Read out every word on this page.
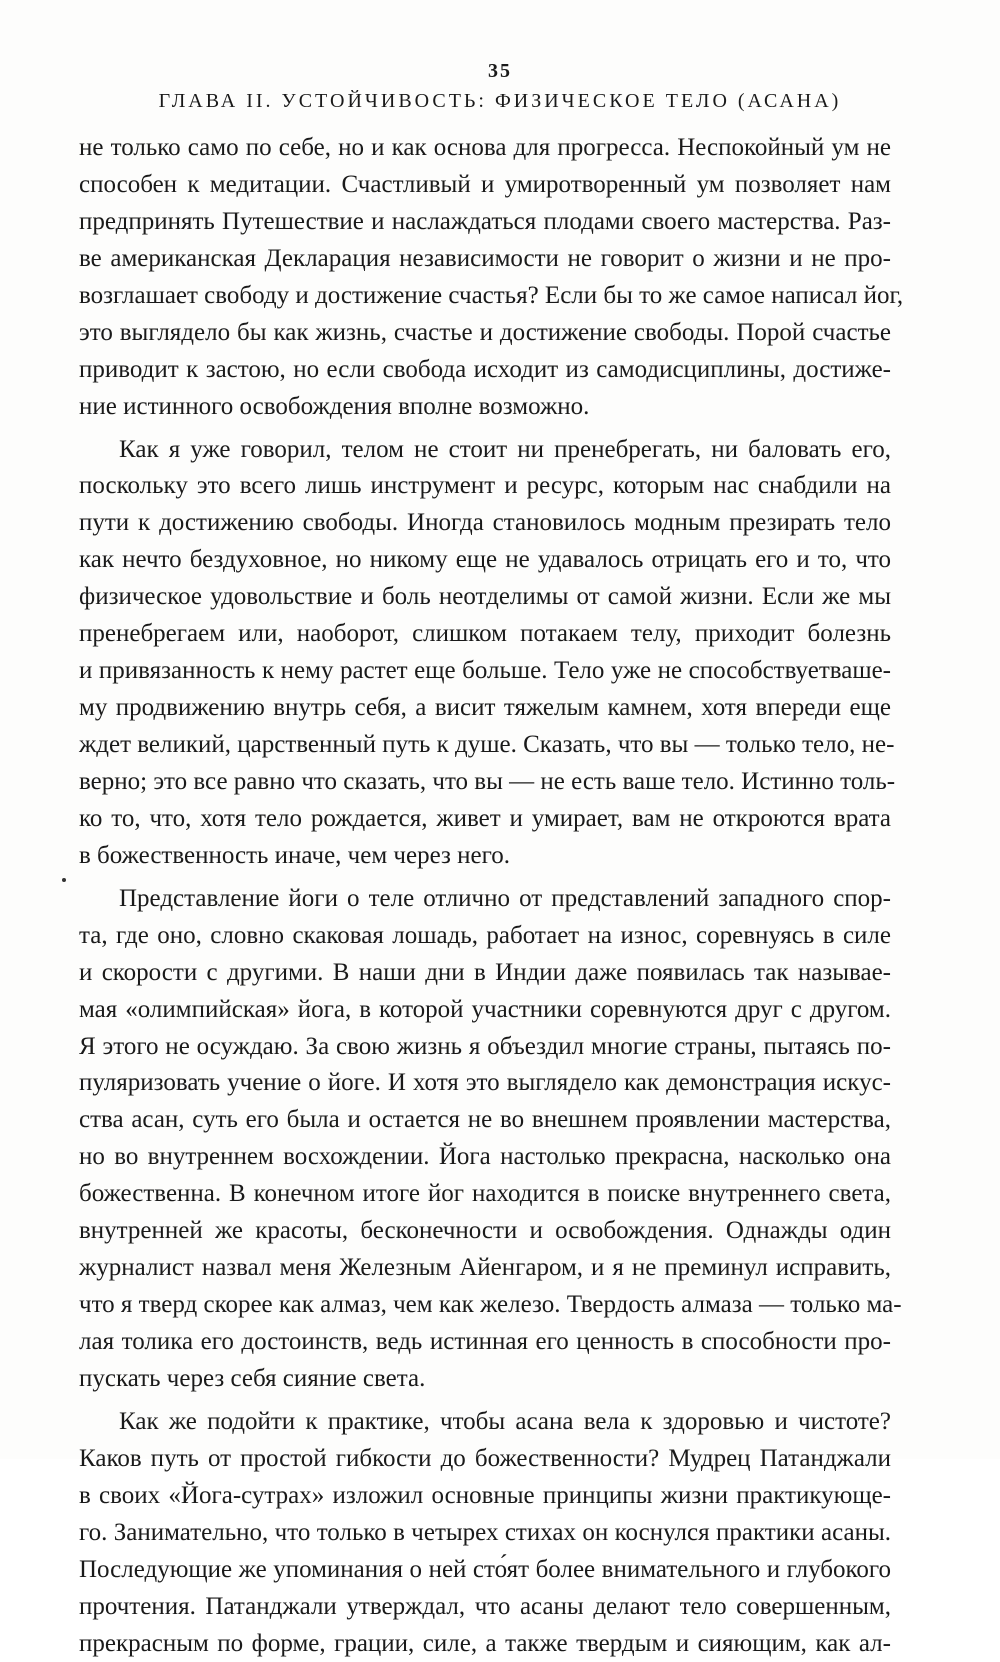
35
ГЛАВА II. УСТОЙЧИВОСТЬ: ФИЗИЧЕСКОЕ ТЕЛО (АСАНА)
не только само по себе, но и как основа для прогресса. Неспокойный ум не
способен к медитации. Счастливый и умиротворенный ум позволяет нам
предпринять Путешествие и наслаждаться плодами своего мастерства. Раз-
ве американская Декларация независимости не говорит о жизни и не про-
возглашает свободу и достижение счастья? Если бы то же самое написал йог,
это выглядело бы как жизнь, счастье и достижение свободы. Порой счастье
приводит к застою, но если свобода исходит из самодисциплины, достиже-
ние истинного освобождения вполне возможно.
Как я уже говорил, телом не стоит ни пренебрегать, ни баловать его,
поскольку это всего лишь инструмент и ресурс, которым нас снабдили на
пути к достижению свободы. Иногда становилось модным презирать тело
как нечто бездуховное, но никому еще не удавалось отрицать его и то, что
физическое удовольствие и боль неотделимы от самой жизни. Если же мы
пренебрегаем или, наоборот, слишком потакаем телу, приходит болезнь
и привязанность к нему растет еще больше. Тело уже не способствуетваше-
му продвижению внутрь себя, а висит тяжелым камнем, хотя впереди еще
ждет великий, царственный путь к душе. Сказать, что вы — только тело, не-
верно; это все равно что сказать, что вы — не есть ваше тело. Истинно толь-
ко то, что, хотя тело рождается, живет и умирает, вам не откроются врата
в божественность иначе, чем через него.
Представление йоги о теле отлично от представлений западного спор-
та, где оно, словно скаковая лошадь, работает на износ, соревнуясь в силе
и скорости с другими. В наши дни в Индии даже появилась так называе-
мая «олимпийская» йога, в которой участники соревнуются друг с другом.
Я этого не осуждаю. За свою жизнь я объездил многие страны, пытаясь по-
пуляризовать учение о йоге. И хотя это выглядело как демонстрация искус-
ства асан, суть его была и остается не во внешнем проявлении мастерства,
но во внутреннем восхождении. Йога настолько прекрасна, насколько она
божественна. В конечном итоге йог находится в поиске внутреннего света,
внутренней же красоты, бесконечности и освобождения. Однажды один
журналист назвал меня Железным Айенгаром, и я не преминул исправить,
что я тверд скорее как алмаз, чем как железо. Твердость алмаза — только ма-
лая толика его достоинств, ведь истинная его ценность в способности про-
пускать через себя сияние света.
Как же подойти к практике, чтобы асана вела к здоровью и чистоте?
Каков путь от простой гибкости до божественности? Мудрец Патанджали
в своих «Йога-сутрах» изложил основные принципы жизни практикующе-
го. Занимательно, что только в четырех стихах он коснулся практики асаны.
Последующие же упоминания о ней сто́ят более внимательного и глубокого
прочтения. Патанджали утверждал, что асаны делают тело совершенным,
прекрасным по форме, грации, силе, а также твердым и сияющим, как ал-
